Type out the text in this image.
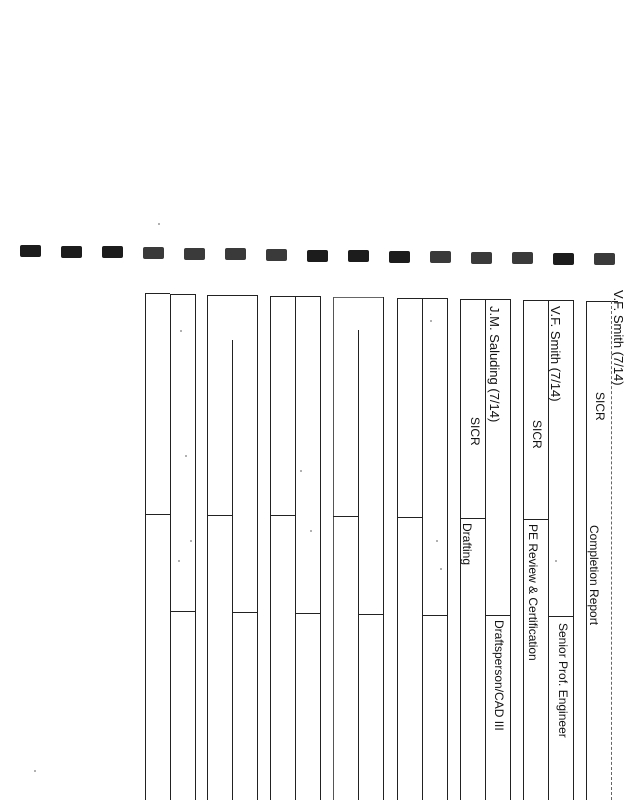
J.M. Saluding (7/14)
SICR
Drafting
Draftsperson/CAD III
V.F. Smith (7/14)
SICR
PE Review & Certification
Senior Prof. Engineer
V.F. Smith (7/14)
SICR
Completion Report
